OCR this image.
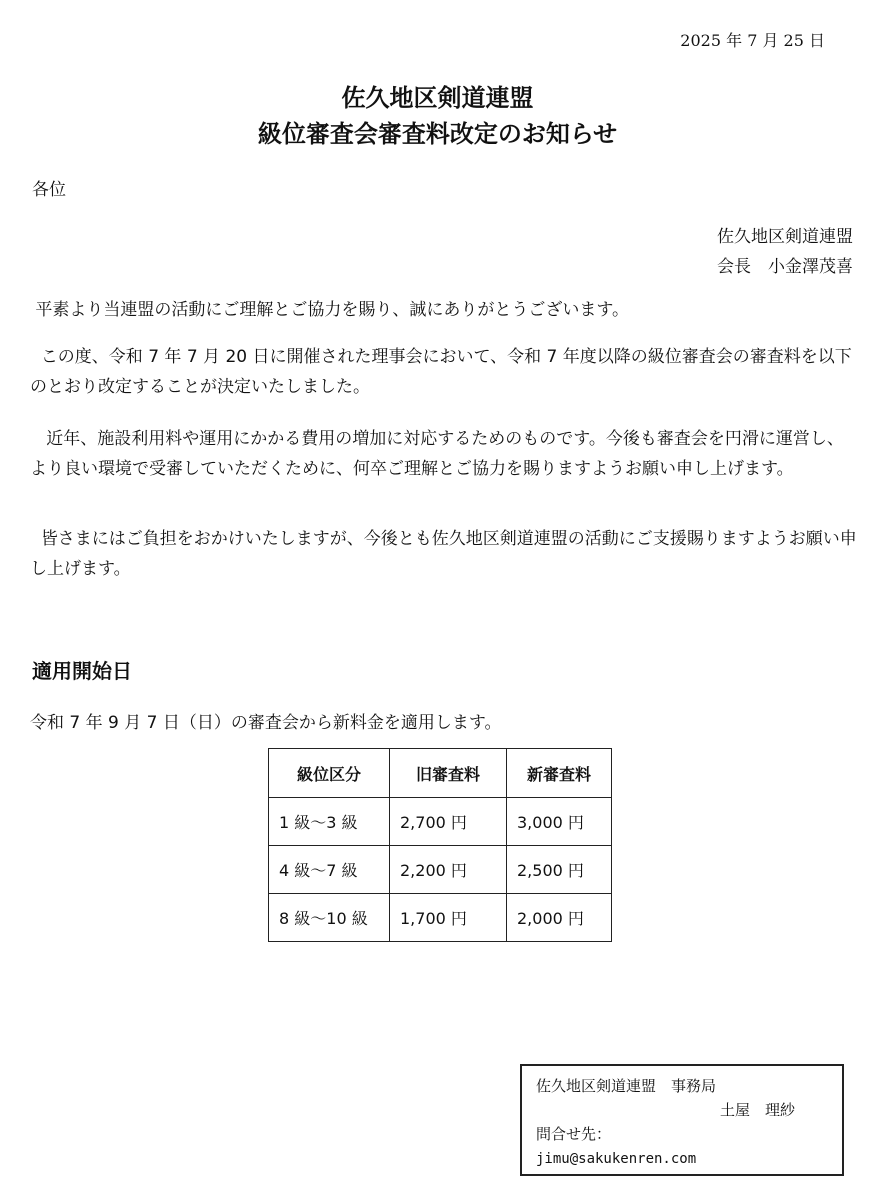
2025 年 7 月 25 日
佐久地区剣道連盟
級位審査会審査料改定のお知らせ
各位
佐久地区剣道連盟
会長　小金澤茂喜
平素より当連盟の活動にご理解とご協力を賜り、誠にありがとうございます。
この度、令和 7 年 7 月 20 日に開催された理事会において、令和 7 年度以降の級位審査会の審査料を以下のとおり改定することが決定いたしました。
近年、施設利用料や運用にかかる費用の増加に対応するためのものです。今後も審査会を円滑に運営し、より良い環境で受審していただくために、何卒ご理解とご協力を賜りますようお願い申し上げます。
皆さまにはご負担をおかけいたしますが、今後とも佐久地区剣道連盟の活動にご支援賜りますようお願い申し上げます。
適用開始日
令和 7 年 9 月 7 日（日）の審査会から新料金を適用します。
級位区分	旧審査料	新審査料
1 級～3 級	2,700 円	3,000 円
4 級～7 級	2,200 円	2,500 円
8 級～10 級	1,700 円	2,000 円
佐久地区剣道連盟　事務局
土屋　理紗
問合せ先：
jimu@sakukenren.com
